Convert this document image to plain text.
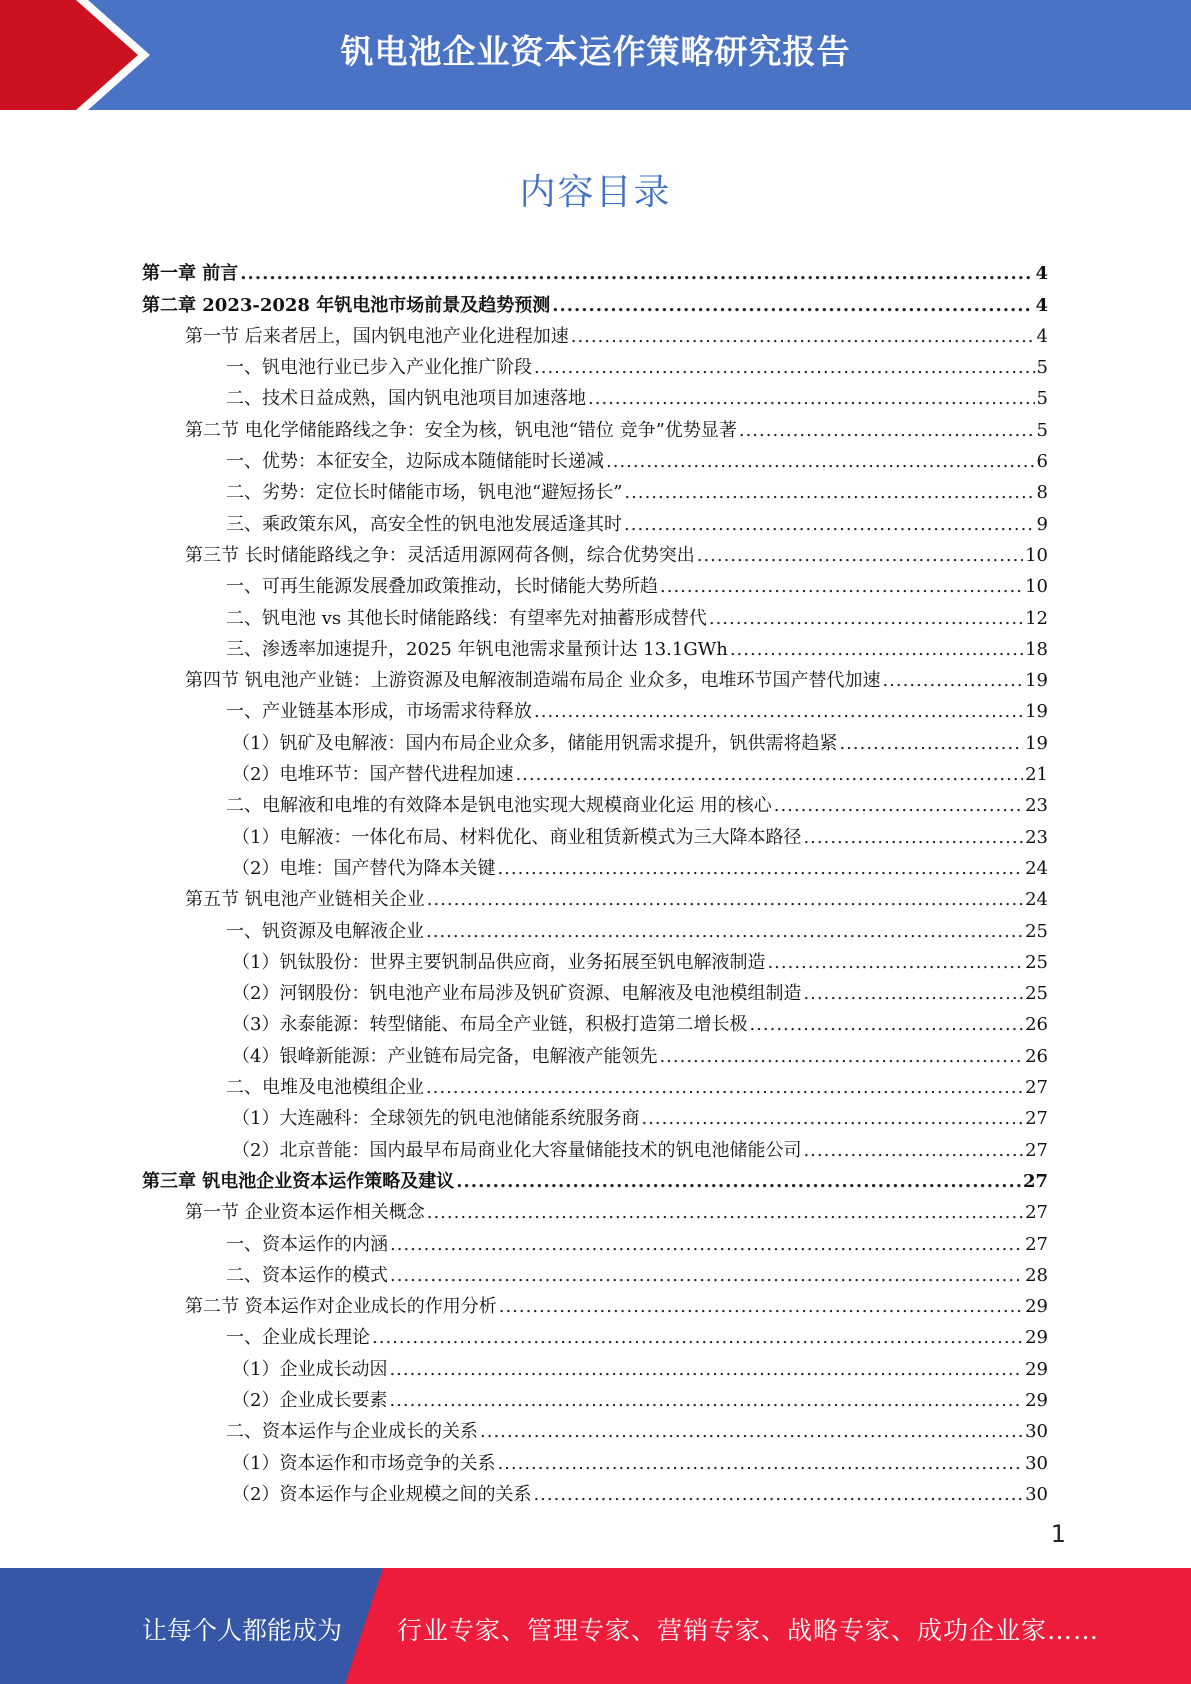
钒电池企业资本运作策略研究报告
内容目录
第一章 前言 .....	4
第二章 2023-2028 年钒电池市场前景及趋势预测 .....	4
第一节 后来者居上，国内钒电池产业化进程加速 .....	4
一、钒电池行业已步入产业化推广阶段 .....	5
二、技术日益成熟，国内钒电池项目加速落地 .....	5
第二节 电化学储能路线之争：安全为核，钒电池“错位 竞争”优势显著 .....	5
一、优势：本征安全，边际成本随储能时长递减 .....	6
二、劣势：定位长时储能市场，钒电池“避短扬长” .....	8
三、乘政策东风，高安全性的钒电池发展适逢其时 .....	9
第三节 长时储能路线之争：灵活适用源网荷各侧，综合优势突出 .....	10
一、可再生能源发展叠加政策推动，长时储能大势所趋 .....	10
二、钒电池 vs 其他长时储能路线：有望率先对抽蓄形成替代 .....	12
三、渗透率加速提升，2025 年钒电池需求量预计达 13.1GWh .....	18
第四节 钒电池产业链：上游资源及电解液制造端布局企 业众多，电堆环节国产替代加速 .....	19
一、产业链基本形成，市场需求待释放 .....	19
（1）钒矿及电解液：国内布局企业众多，储能用钒需求提升，钒供需将趋紧 .....	19
（2）电堆环节：国产替代进程加速 .....	21
二、电解液和电堆的有效降本是钒电池实现大规模商业化运 用的核心 .....	23
（1）电解液：一体化布局、材料优化、商业租赁新模式为三大降本路径 .....	23
（2）电堆：国产替代为降本关键 .....	24
第五节 钒电池产业链相关企业 .....	24
一、钒资源及电解液企业 .....	25
（1）钒钛股份：世界主要钒制品供应商，业务拓展至钒电解液制造 .....	25
（2）河钢股份：钒电池产业布局涉及钒矿资源、电解液及电池模组制造 .....	25
（3）永泰能源：转型储能、布局全产业链，积极打造第二增长极 .....	26
（4）银峰新能源：产业链布局完备，电解液产能领先 .....	26
二、电堆及电池模组企业 .....	27
（1）大连融科：全球领先的钒电池储能系统服务商 .....	27
（2）北京普能：国内最早布局商业化大容量储能技术的钒电池储能公司 .....	27
第三章 钒电池企业资本运作策略及建议 .....	27
第一节 企业资本运作相关概念 .....	27
一、资本运作的内涵 .....	27
二、资本运作的模式 .....	28
第二节 资本运作对企业成长的作用分析 .....	29
一、企业成长理论 .....	29
（1）企业成长动因 .....	29
（2）企业成长要素 .....	29
二、资本运作与企业成长的关系 .....	30
（1）资本运作和市场竞争的关系 .....	30
（2）资本运作与企业规模之间的关系 .....	30
1
让每个人都能成为 行业专家、管理专家、营销专家、战略专家、成功企业家……
